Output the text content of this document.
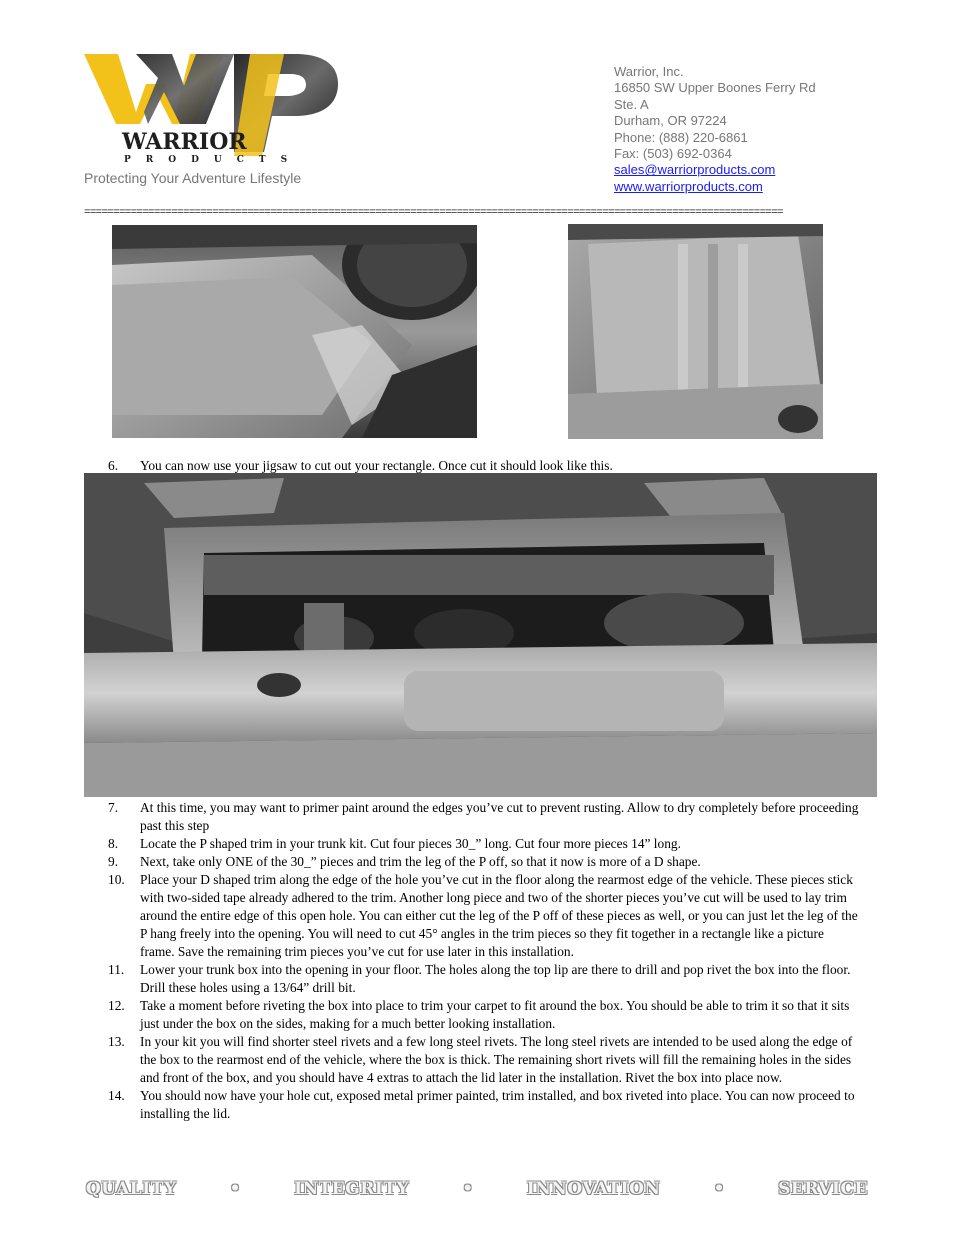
WARRIOR
PRODUCTS
Protecting Your Adventure Lifestyle
Warrior, Inc.
16850 SW Upper Boones Ferry Rd
Ste. A
Durham, OR 97224
Phone: (888) 220-6861
Fax: (503) 692-0364
sales@warriorproducts.com
www.warriorproducts.com
========================================================================================================================
6. You can now use your jigsaw to cut out your rectangle. Once cut it should look like this.
7. At this time, you may want to primer paint around the edges you’ve cut to prevent rusting. Allow to dry completely before proceeding past this step
8. Locate the P shaped trim in your trunk kit. Cut four pieces 30_” long. Cut four more pieces 14” long.
9. Next, take only ONE of the 30_” pieces and trim the leg of the P off, so that it now is more of a D shape.
10. Place your D shaped trim along the edge of the hole you’ve cut in the floor along the rearmost edge of the vehicle. These pieces stick with two-sided tape already adhered to the trim. Another long piece and two of the shorter pieces you’ve cut will be used to lay trim around the entire edge of this open hole. You can either cut the leg of the P off of these pieces as well, or you can just let the leg of the P hang freely into the opening. You will need to cut 45° angles in the trim pieces so they fit together in a rectangle like a picture frame. Save the remaining trim pieces you’ve cut for use later in this installation.
11. Lower your trunk box into the opening in your floor. The holes along the top lip are there to drill and pop rivet the box into the floor. Drill these holes using a 13/64” drill bit.
12. Take a moment before riveting the box into place to trim your carpet to fit around the box. You should be able to trim it so that it sits just under the box on the sides, making for a much better looking installation.
13. In your kit you will find shorter steel rivets and a few long steel rivets. The long steel rivets are intended to be used along the edge of the box to the rearmost end of the vehicle, where the box is thick. The remaining short rivets will fill the remaining holes in the sides and front of the box, and you should have 4 extras to attach the lid later in the installation. Rivet the box into place now.
14. You should now have your hole cut, exposed metal primer painted, trim installed, and box riveted into place. You can now proceed to installing the lid.
QUALITY	•	INTEGRITY	•	INNOVATION	•	SERVICE
